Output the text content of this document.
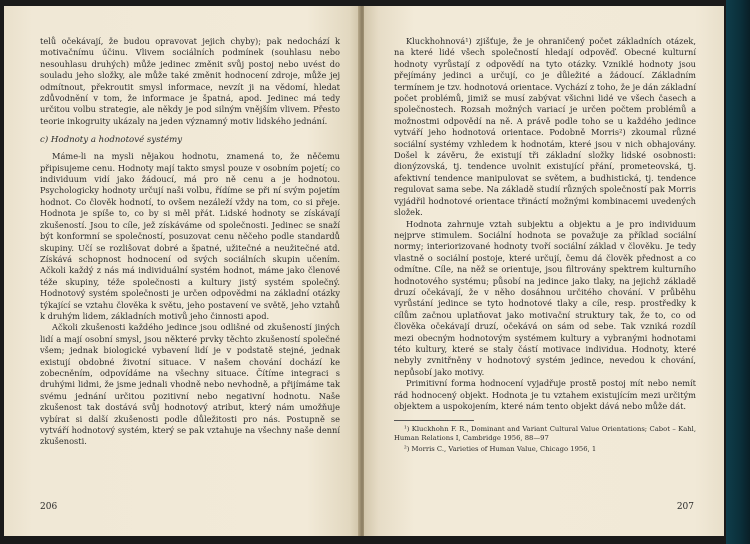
telů očekávají, že budou opravovat jejich chyby); pak nedochází k motivačnímu účinu. Vlivem sociálních podmínek (souhlasu nebo nesouhlasu druhých) může jedinec změnit svůj postoj nebo uvést do souladu jeho složky, ale může také změnit hodnocení zdroje, může jej odmítnout, překroutit smysl informace, nevzít ji na vědomí, hledat zdůvodnění v tom, že informace je špatná, apod. Jedinec má tedy určitou volbu strategie, ale někdy je pod silným vnějším vlivem. Přesto teorie inkogruity ukázaly na jeden významný motiv lidského jednání.

c) Hodnoty a hodnotové systémy

Máme-li na mysli nějakou hodnotu, znamená to, že něčemu připisujeme cenu. Hodnoty mají takto smysl pouze v osobním pojetí; co individuum vidí jako žádoucí, má pro ně cenu a je hodnotou. Psychologicky hodnoty určují naši volbu, řídíme se při ní svým pojetím hodnot. Co člověk hodnotí, to ovšem nezáleží vždy na tom, co si přeje. Hodnota je spíše to, co by si měl přát. Lidské hodnoty se získávají zkušeností. Jsou to cíle, jež získáváme od společnosti. Jedinec se snaží být konformní se společností, posuzovat cenu něčeho podle standardů skupiny. Učí se rozlišovat dobré a špatné, užitečné a neužitečné atd. Získává schopnost hodnocení od svých sociálních skupin učením. Ačkoli každý z nás má individuální systém hodnot, máme jako členové téže skupiny, téže společnosti a kultury jistý systém společný. Hodnotový systém společnosti je určen odpovědmi na základní otázky týkající se vztahu člověka k světu, jeho postavení ve světě, jeho vztahů k druhým lidem, základních motivů jeho činnosti apod.

Ačkoli zkušenosti každého jedince jsou odlišné od zkušeností jiných lidí a mají osobní smysl, jsou některé prvky těchto zkušeností společné všem; jednak biologické vybavení lidí je v podstatě stejné, jednak existují obdobné životní situace. V našem chování dochází ke zobecněním, odpovídáme na všechny situace. Čítíme integraci s druhými lidmi, že jsme jednali vhodně nebo nevhodně, a přijímáme tak svému jednání určitou pozitivní nebo negativní hodnotu. Naše zkušenost tak dostává svůj hodnotový atribut, který nám umožňuje vybírat si další zkušenosti podle důležitosti pro nás. Postupně se vytváří hodnotový systém, který se pak vztahuje na všechny naše denní zkušenosti.

206

Kluckhohnová¹) zjišťuje, že je ohraničený počet základních otázek, na které lidé všech společností hledají odpověď. Obecné kulturní hodnoty vyrůstají z odpovědí na tyto otázky. Vzniklé hodnoty jsou přejímány jedinci a určují, co je důležité a žádoucí. Základním termínem je tzv. hodnotová orientace. Vychází z toho, že je dán základní počet problémů, jimiž se musí zabývat všichni lidé ve všech časech a společnostech. Rozsah možných variací je určen počtem problémů a možnostmi odpovědí na ně. A právě podle toho se u každého jedince vytváří jeho hodnotová orientace. Podobně Morris²) zkoumal různé sociální systémy vzhledem k hodnotám, které jsou v nich obhajovány. Došel k závěru, že existují tři základní složky lidské osobnosti: dionýzovská, tj. tendence uvolnit existující přání, prometeovská, tj. afektivní tendence manipulovat se světem, a budhistická, tj. tendence regulovat sama sebe. Na základě studií různých společností pak Morris vyjádřil hodnotové orientace třináctí možnými kombinacemi uvedených složek.

Hodnota zahrnuje vztah subjektu a objektu a je pro individuum nejprve stimulem. Sociální hodnota se považuje za příklad sociální normy; interiorizované hodnoty tvoří sociální základ v člověku. Je tedy vlastně o sociální postoje, které určují, čemu dá člověk přednost a co odmítne. Cíle, na něž se orientuje, jsou filtrovány spektrem kulturního hodnotového systému; působí na jedince jako tlaky, na jejichž základě druzí očekávají, že v něho dosáhnou určitého chování. V průběhu vyrůstání jedince se tyto hodnotové tlaky a cíle, resp. prostředky k cílům začnou uplatňovat jako motivační struktury tak, že to, co od člověka očekávají druzí, očekává on sám od sebe. Tak vzniká rozdíl mezi obecným hodnotovým systémem kultury a vybranými hodnotami této kultury, které se staly částí motivace individua. Hodnoty, které nebyly zvnitřněny v hodnotový systém jedince, nevedou k chování, nepůsobí jako motivy.

Primitivní forma hodnocení vyjadřuje prostě postoj mít nebo nemít rád hodnocený objekt. Hodnota je tu vztahem existujícím mezi určitým objektem a uspokojením, které nám tento objekt dává nebo může dát.

¹) Kluckhohn F. R., Dominant and Variant Cultural Value Orientations; Cabot – Kahl, Human Relations I, Cambridge 1956, 88—97

²) Morris C., Varieties of Human Value, Chicago 1956, 1

207
